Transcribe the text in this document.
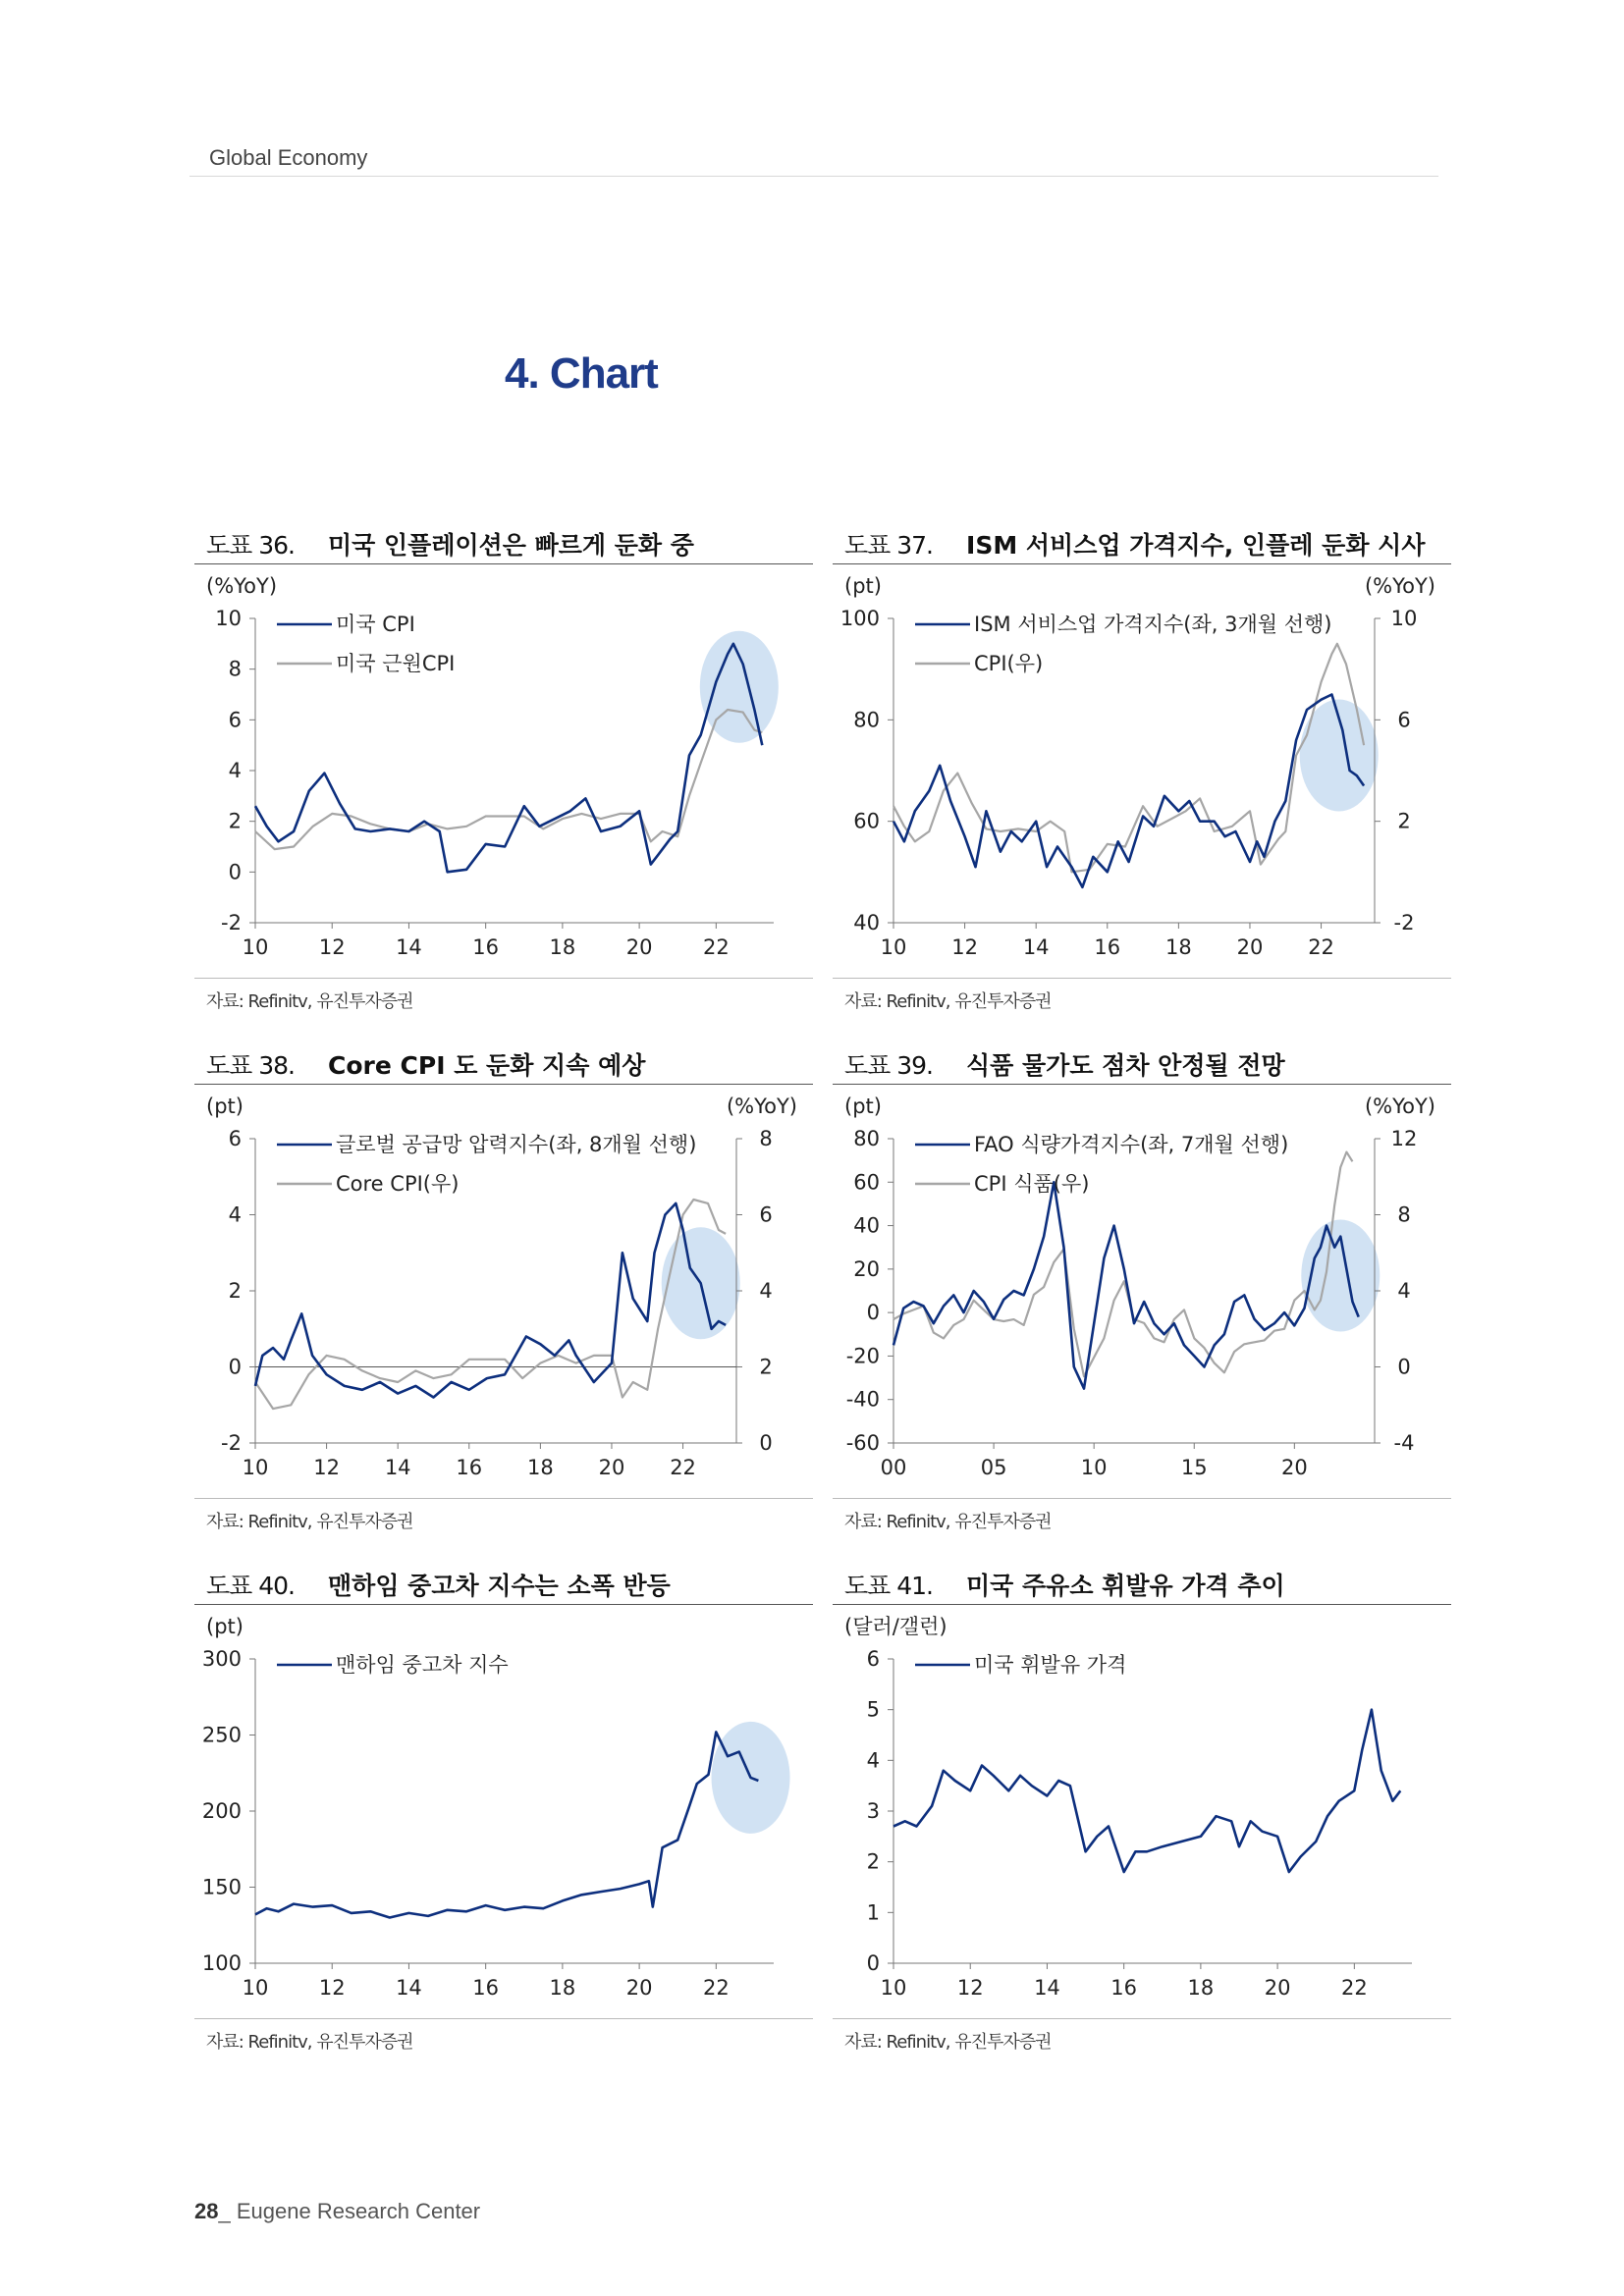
Global Economy
4. Chart
도표 36. 미국 인플레이션은 빠르게 둔화 중
10
8
6
4
2
0
-2
10 12 14 16 18 20 22
(%YoY)
미국 CPI
미국 근원CPI
자료: Refinitv, 유진투자증권
도표 37. ISM 서비스업 가격지수, 인플레 둔화 시사
100
80
60
40
10
6
2
-2
10 12 14 16 18 20 22
(pt)	(%YoY)
ISM 서비스업 가격지수(좌, 3개월 선행)
CPI(우)
자료: Refinitv, 유진투자증권
도표 38. Core CPI 도 둔화 지속 예상
6
4
2
0
-2
8
6
4
2
0
10 12 14 16 18 20 22
(pt)	(%YoY)
글로벌 공급망 압력지수(좌, 8개월 선행)
Core CPI(우)
자료: Refinitv, 유진투자증권
도표 39. 식품 물가도 점차 안정될 전망
80
60
40
20
0
-20
-40
-60
12
8
4
0
-4
00	05	10	15	20
(pt)	(%YoY)
FAO 식량가격지수(좌, 7개월 선행)
CPI 식품(우)
자료: Refinitv, 유진투자증권
도표 40. 맨하임 중고차 지수는 소폭 반등
300
250
200
150
100
10 12 14 16 18 20 22
(pt)
맨하임 중고차 지수
자료: Refinitv, 유진투자증권
도표 41. 미국 주유소 휘발유 가격 추이
6
5
4
3
2
1
0
10 12 14 16 18 20 22
(달러/갤런)
미국 휘발유 가격
자료: Refinitv, 유진투자증권
28_ Eugene Research Center
